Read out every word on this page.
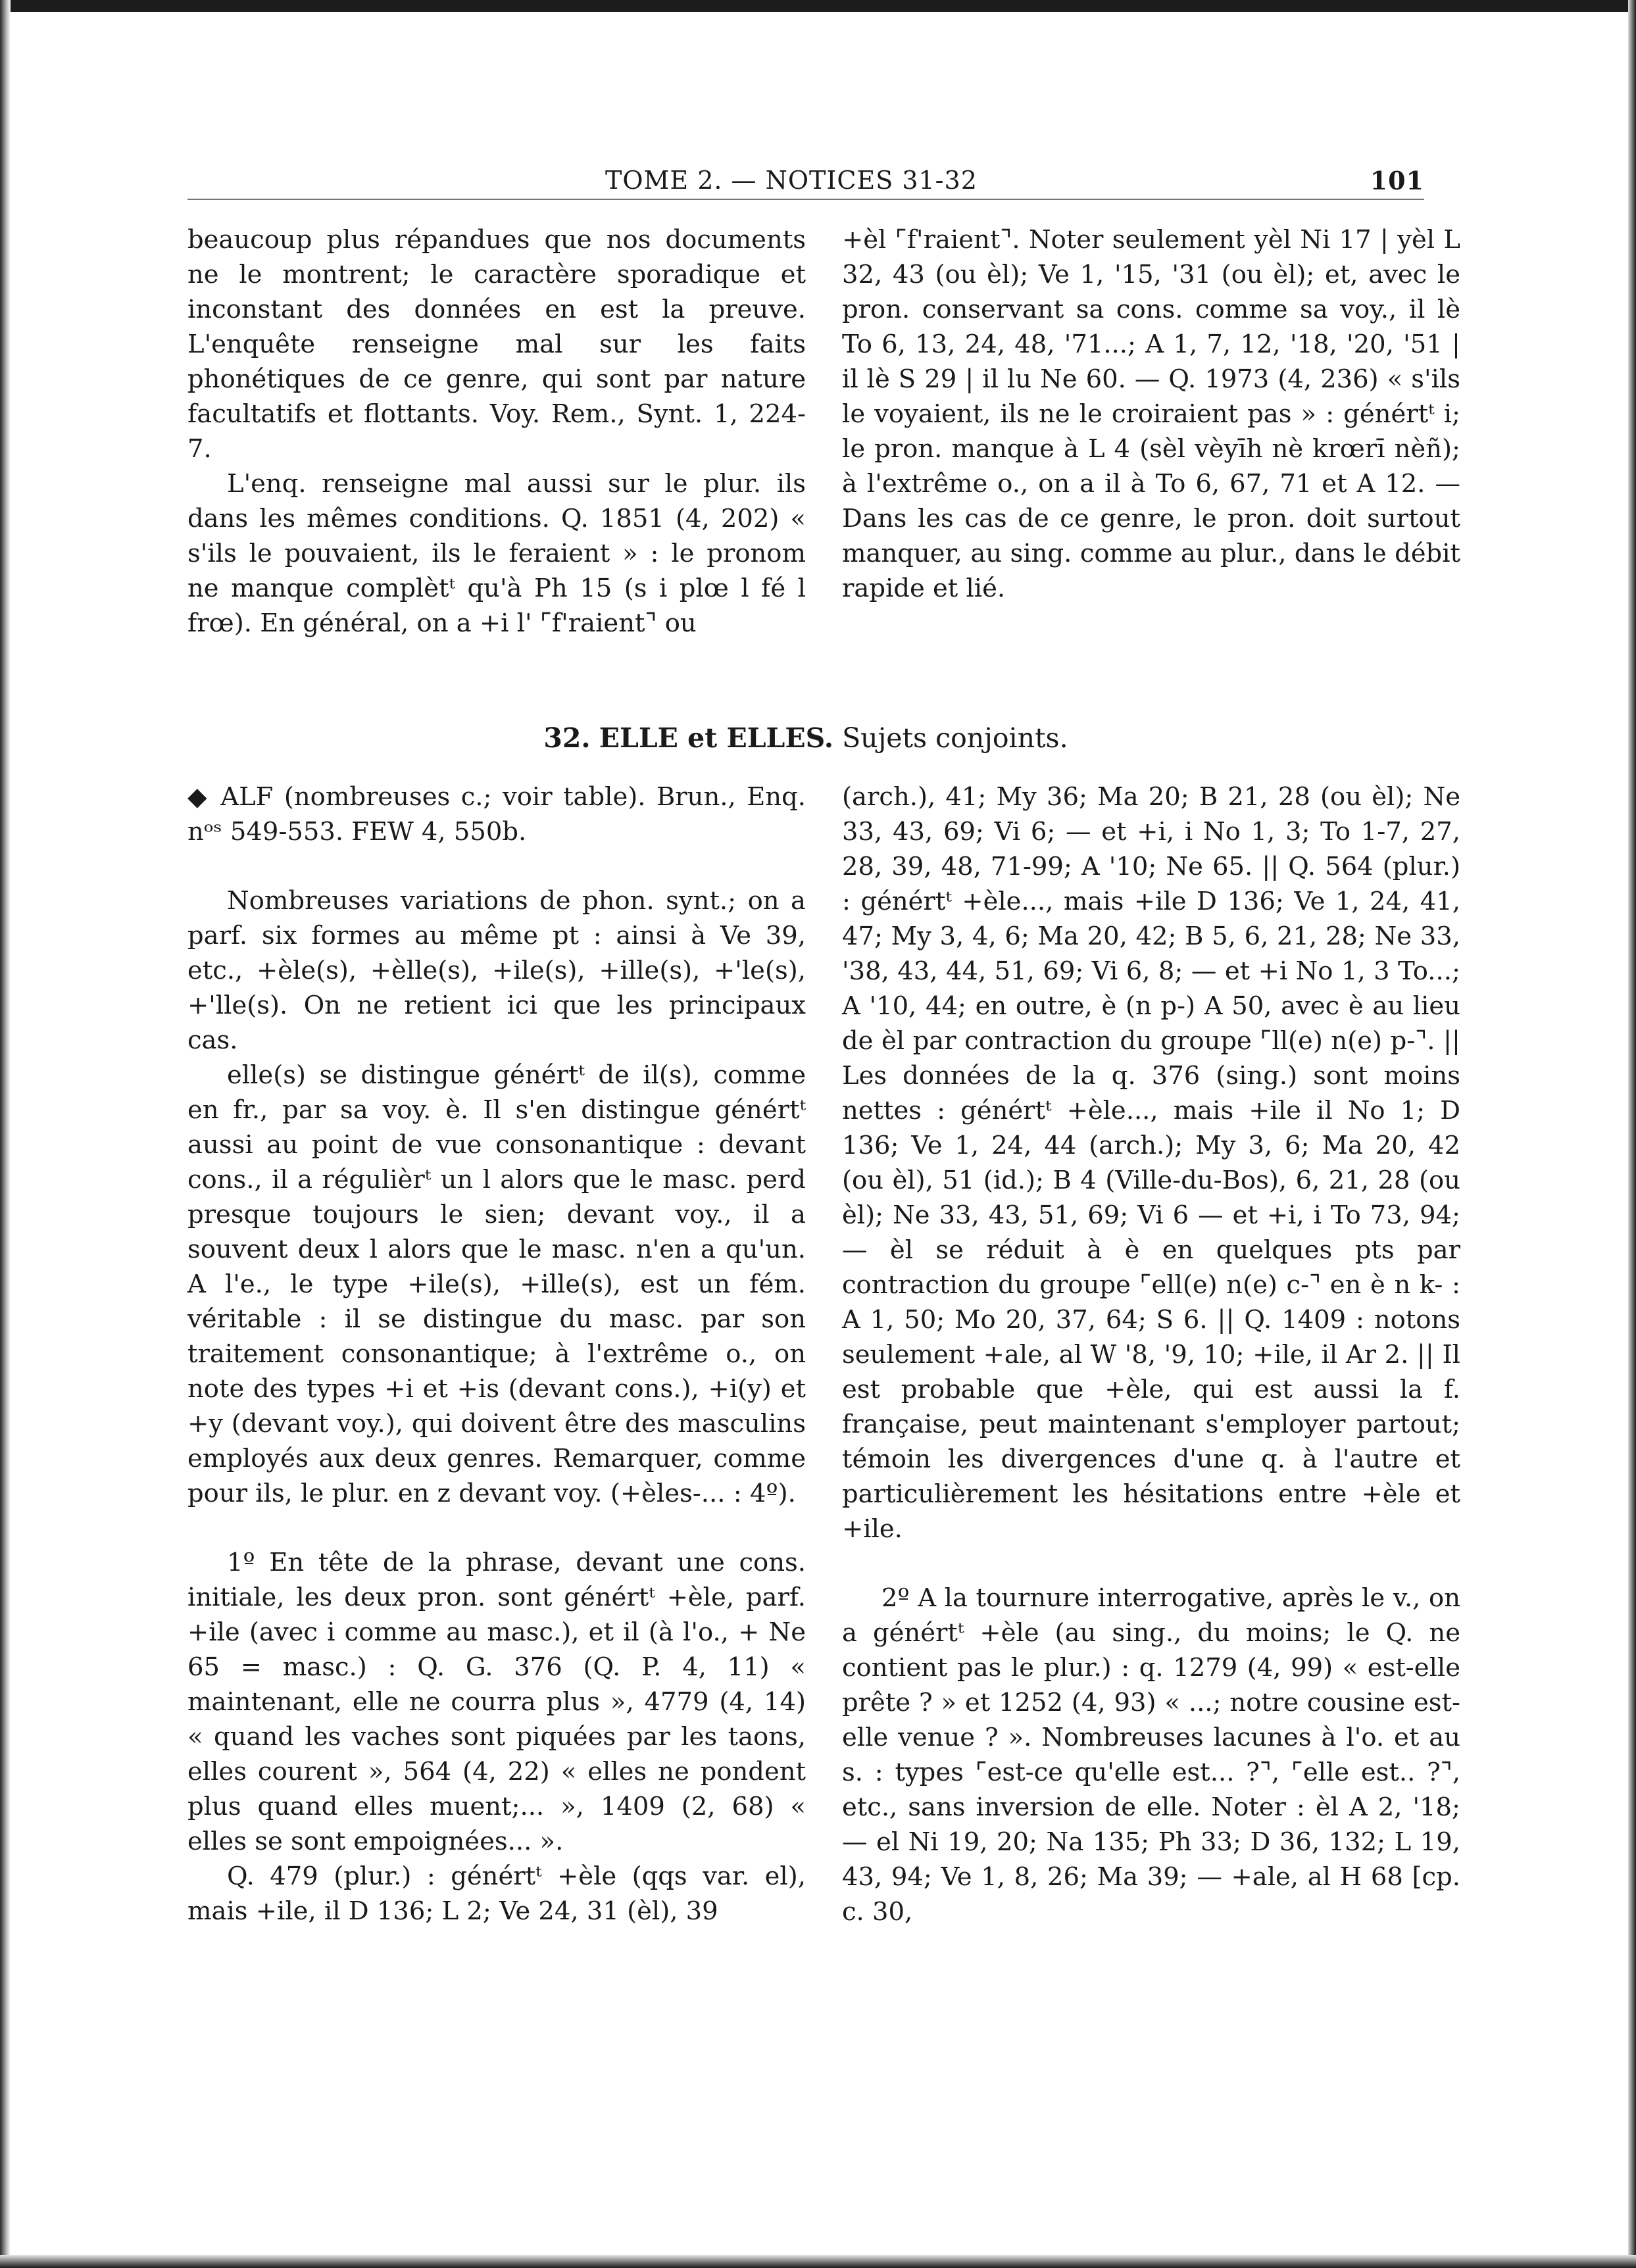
TOME 2. — NOTICES 31-32	101

beaucoup plus répandues que nos documents ne le montrent; le caractère sporadique et inconstant des données en est la preuve. L'enquête renseigne mal sur les faits phonétiques de ce genre, qui sont par nature facultatifs et flottants. Voy. Rem., Synt. 1, 224-7.

L'enq. renseigne mal aussi sur le plur. ils dans les mêmes conditions. Q. 1851 (4, 202) « s'ils le pouvaient, ils le feraient » : le pronom ne manque complètᵗ qu'à Ph 15 (s i plœ l fé l frœ). En général, on a +i l' ⌜f'raient⌝ ou

+èl ⌜f'raient⌝. Noter seulement yèl Ni 17 | yèl L 32, 43 (ou èl); Ve 1, '15, '31 (ou èl); et, avec le pron. conservant sa cons. comme sa voy., il lè To 6, 13, 24, 48, '71...; A 1, 7, 12, '18, '20, '51 | il lè S 29 | il lu Ne 60. — Q. 1973 (4, 236) « s'ils le voyaient, ils ne le croiraient pas » : génértᵗ i; le pron. manque à L 4 (sèl vèyīh nè krœrī nèñ); à l'extrême o., on a il à To 6, 67, 71 et A 12. — Dans les cas de ce genre, le pron. doit surtout manquer, au sing. comme au plur., dans le débit rapide et lié.

32. ELLE et ELLES. Sujets conjoints.

◆ ALF (nombreuses c.; voir table). Brun., Enq. nᵒˢ 549-553. FEW 4, 550b.

Nombreuses variations de phon. synt.; on a parf. six formes au même pt : ainsi à Ve 39, etc., +èle(s), +èlle(s), +ile(s), +ille(s), +'le(s), +'lle(s). On ne retient ici que les principaux cas.

elle(s) se distingue génértᵗ de il(s), comme en fr., par sa voy. è. Il s'en distingue génértᵗ aussi au point de vue consonantique : devant cons., il a régulièrᵗ un l alors que le masc. perd presque toujours le sien; devant voy., il a souvent deux l alors que le masc. n'en a qu'un. A l'e., le type +ile(s), +ille(s), est un fém. véritable : il se distingue du masc. par son traitement consonantique; à l'extrême o., on note des types +i et +is (devant cons.), +i(y) et +y (devant voy.), qui doivent être des masculins employés aux deux genres. Remarquer, comme pour ils, le plur. en z devant voy. (+èles-... : 4º).

1º En tête de la phrase, devant une cons. initiale, les deux pron. sont génértᵗ +èle, parf. +ile (avec i comme au masc.), et il (à l'o., + Ne 65 = masc.) : Q. G. 376 (Q. P. 4, 11) « maintenant, elle ne courra plus », 4779 (4, 14) « quand les vaches sont piquées par les taons, elles courent », 564 (4, 22) « elles ne pondent plus quand elles muent;... », 1409 (2, 68) « elles se sont empoignées... ».

Q. 479 (plur.) : génértᵗ +èle (qqs var. el), mais +ile, il D 136; L 2; Ve 24, 31 (èl), 39

(arch.), 41; My 36; Ma 20; B 21, 28 (ou èl); Ne 33, 43, 69; Vi 6; — et +i, i No 1, 3; To 1-7, 27, 28, 39, 48, 71-99; A '10; Ne 65. || Q. 564 (plur.) : génértᵗ +èle..., mais +ile D 136; Ve 1, 24, 41, 47; My 3, 4, 6; Ma 20, 42; B 5, 6, 21, 28; Ne 33, '38, 43, 44, 51, 69; Vi 6, 8; — et +i No 1, 3 To...; A '10, 44; en outre, è (n p-) A 50, avec è au lieu de èl par contraction du groupe ⌜ll(e) n(e) p-⌝. || Les données de la q. 376 (sing.) sont moins nettes : génértᵗ +èle..., mais +ile il No 1; D 136; Ve 1, 24, 44 (arch.); My 3, 6; Ma 20, 42 (ou èl), 51 (id.); B 4 (Ville-du-Bos), 6, 21, 28 (ou èl); Ne 33, 43, 51, 69; Vi 6 — et +i, i To 73, 94; — èl se réduit à è en quelques pts par contraction du groupe ⌜ell(e) n(e) c-⌝ en è n k- : A 1, 50; Mo 20, 37, 64; S 6. || Q. 1409 : notons seulement +ale, al W '8, '9, 10; +ile, il Ar 2. || Il est probable que +èle, qui est aussi la f. française, peut maintenant s'employer partout; témoin les divergences d'une q. à l'autre et particulièrement les hésitations entre +èle et +ile.

2º A la tournure interrogative, après le v., on a génértᵗ +èle (au sing., du moins; le Q. ne contient pas le plur.) : q. 1279 (4, 99) « est-elle prête ? » et 1252 (4, 93) « ...; notre cousine est-elle venue ? ». Nombreuses lacunes à l'o. et au s. : types ⌜est-ce qu'elle est... ?⌝, ⌜elle est.. ?⌝, etc., sans inversion de elle. Noter : èl A 2, '18; — el Ni 19, 20; Na 135; Ph 33; D 36, 132; L 19, 43, 94; Ve 1, 8, 26; Ma 39; — +ale, al H 68 [cp. c. 30,
